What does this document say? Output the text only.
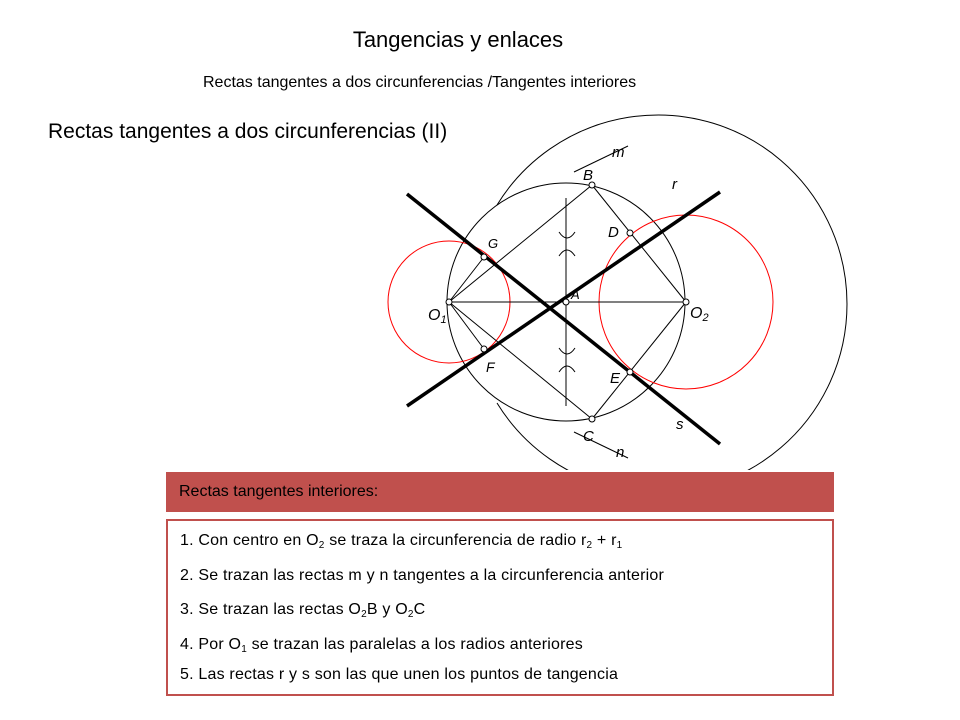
Tangencias y enlaces
Rectas tangentes a dos circunferencias /Tangentes interiores
Rectas tangentes a dos circunferencias (II)
O1	O2
A
B
C
D
E
F
G
m
n
r
s
Rectas tangentes interiores:
1. Con centro en $O_2$ se traza la circunferencia de radio $r_2 + r_1$
2. Se trazan las rectas m y n tangentes a la circunferencia anterior
3. Se trazan las rectas $O_2B$ y $O_2C$
4. Por $O_1$ se trazan las paralelas a los radios anteriores
5. Las rectas r y s son las que unen los puntos de tangencia
